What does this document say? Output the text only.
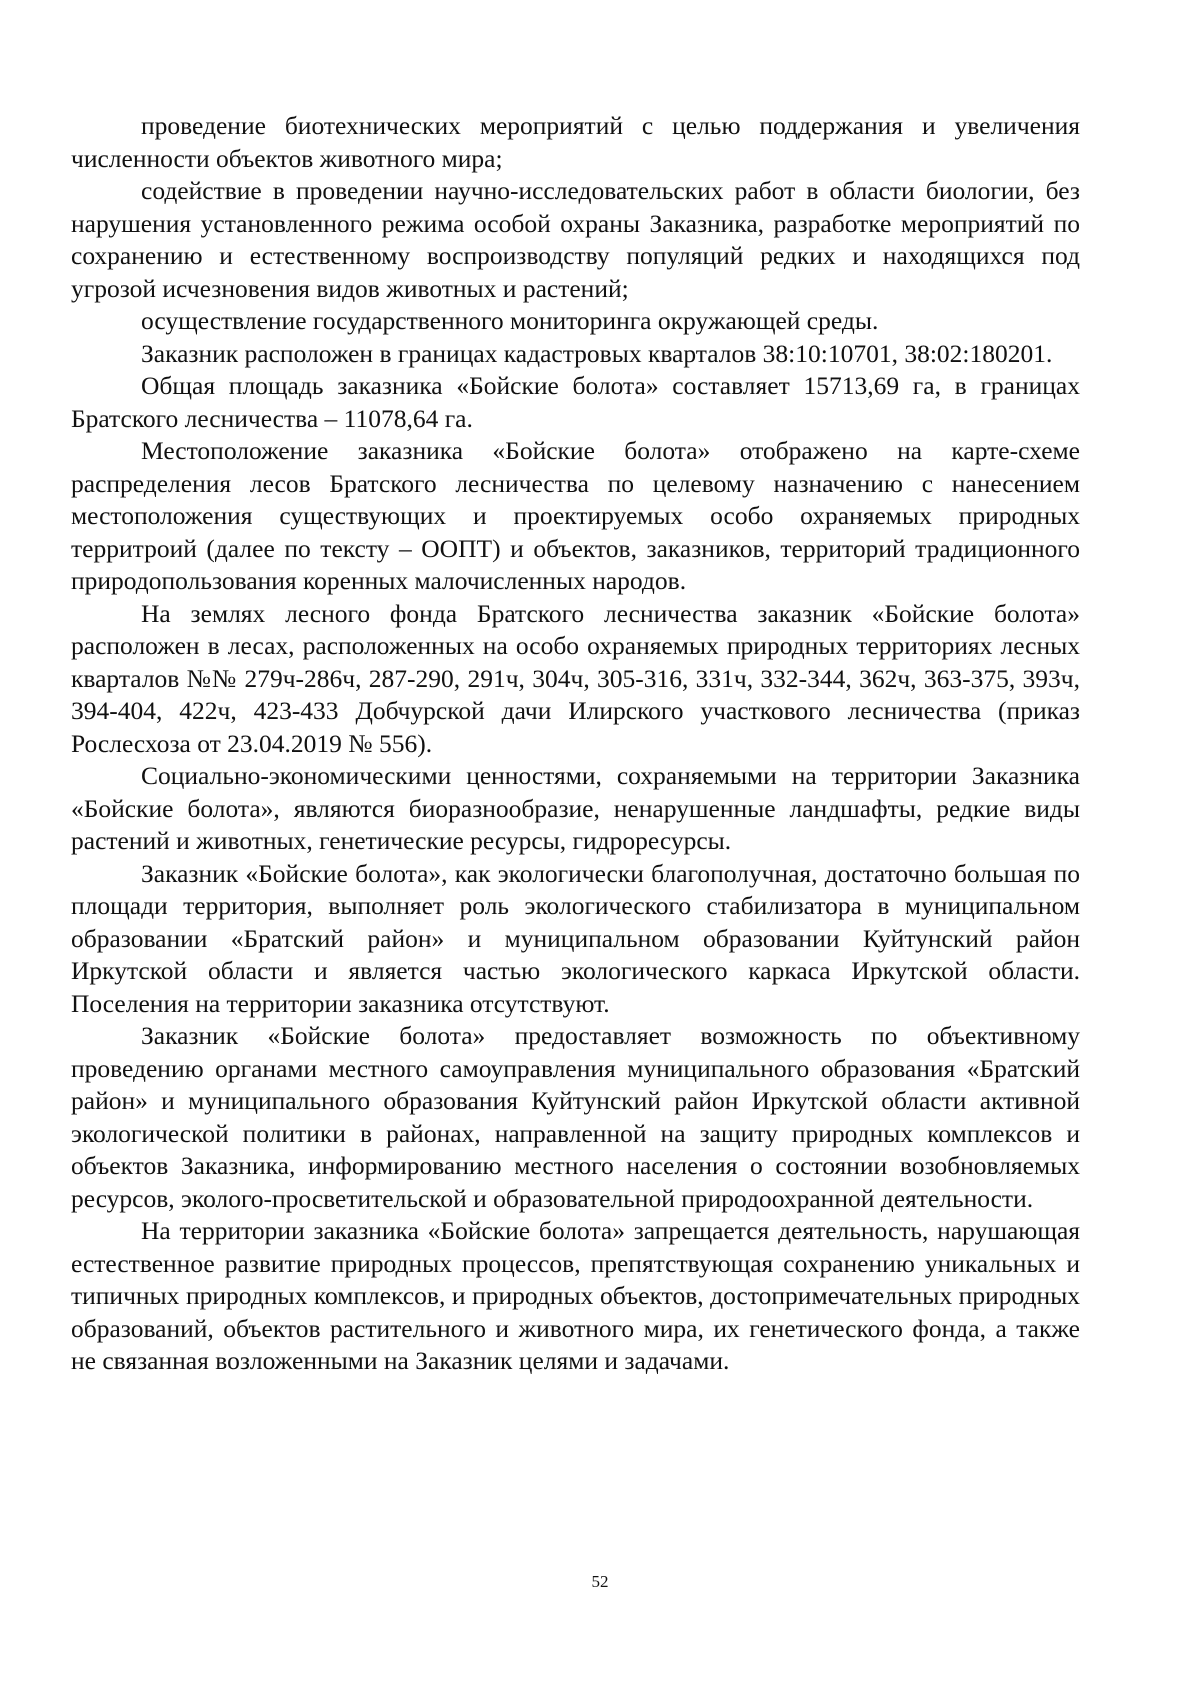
проведение биотехнических мероприятий с целью поддержания и увеличения численности объектов животного мира;

содействие в проведении научно-исследовательских работ в области биологии, без нарушения установленного режима особой охраны Заказника, разработке мероприятий по сохранению и естественному воспроизводству популяций редких и находящихся под угрозой исчезновения видов животных и растений;

осуществление государственного мониторинга окружающей среды.

Заказник расположен в границах кадастровых кварталов 38:10:10701, 38:02:180201.

Общая площадь заказника «Бойские болота» составляет 15713,69 га, в границах Братского лесничества – 11078,64 га.

Местоположение заказника «Бойские болота» отображено на карте-схеме распределения лесов Братского лесничества по целевому назначению с нанесением местоположения существующих и проектируемых особо охраняемых природных территроий (далее по тексту – ООПТ) и объектов, заказников, территорий традиционного природопользования коренных малочисленных народов.

На землях лесного фонда Братского лесничества заказник «Бойские болота» расположен в лесах, расположенных на особо охраняемых природных территориях лесных кварталов №№ 279ч-286ч, 287-290, 291ч, 304ч, 305-316, 331ч, 332-344, 362ч, 363-375, 393ч, 394-404, 422ч, 423-433 Добчурской дачи Илирского участкового лесничества (приказ Рослесхоза от 23.04.2019 № 556).

Социально-экономическими ценностями, сохраняемыми на территории Заказника «Бойские болота», являются биоразнообразие, ненарушенные ландшафты, редкие виды растений и животных, генетические ресурсы, гидроресурсы.

Заказник «Бойские болота», как экологически благополучная, достаточно большая по площади территория, выполняет роль экологического стабилизатора в муниципальном образовании «Братский район» и муниципальном образовании Куйтунский район Иркутской области и является частью экологического каркаса Иркутской области. Поселения на территории заказника отсутствуют.

Заказник «Бойские болота» предоставляет возможность по объективному проведению органами местного самоуправления муниципального образования «Братский район» и муниципального образования Куйтунский район Иркутской области активной экологической политики в районах, направленной на защиту природных комплексов и объектов Заказника, информированию местного населения о состоянии возобновляемых ресурсов, эколого-просветительской и образовательной природоохранной деятельности.

На территории заказника «Бойские болота» запрещается деятельность, нарушающая естественное развитие природных процессов, препятствующая сохранению уникальных и типичных природных комплексов, и природных объектов, достопримечательных природных образований, объектов растительного и животного мира, их генетического фонда, а также не связанная возложенными на Заказник целями и задачами.

52
